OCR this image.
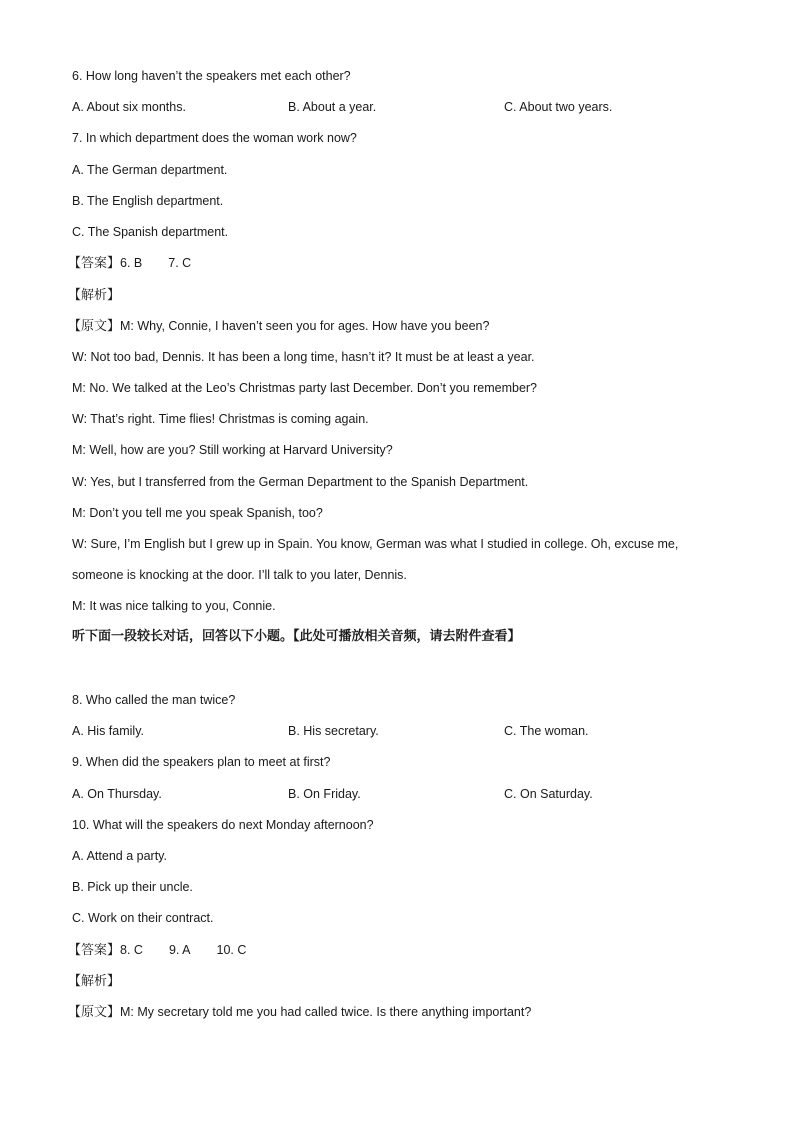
6. How long haven’t the speakers met each other?
A. About six months.	B. About a year.	C. About two years.
7. In which department does the woman work now?
A. The German department.
B. The English department.
C. The Spanish department.
【答案】6. B 7. C
【解析】
【原文】M: Why, Connie, I haven’t seen you for ages. How have you been?
W: Not too bad, Dennis. It has been a long time, hasn’t it? It must be at least a year.
M: No. We talked at the Leo’s Christmas party last December. Don’t you remember?
W: That’s right. Time flies! Christmas is coming again.
M: Well, how are you? Still working at Harvard University?
W: Yes, but I transferred from the German Department to the Spanish Department.
M: Don’t you tell me you speak Spanish, too?
W: Sure, I’m English but I grew up in Spain. You know, German was what I studied in college. Oh, excuse me,
someone is knocking at the door. I’ll talk to you later, Dennis.
M: It was nice talking to you, Connie.
听下面一段较长对话，回答以下小题。【此处可播放相关音频，请去附件查看】
8. Who called the man twice?
A. His family.	B. His secretary.	C. The woman.
9. When did the speakers plan to meet at first?
A. On Thursday.	B. On Friday.	C. On Saturday.
10. What will the speakers do next Monday afternoon?
A. Attend a party.
B. Pick up their uncle.
C. Work on their contract.
【答案】8. C 9. A 10. C
【解析】
【原文】M: My secretary told me you had called twice. Is there anything important?
